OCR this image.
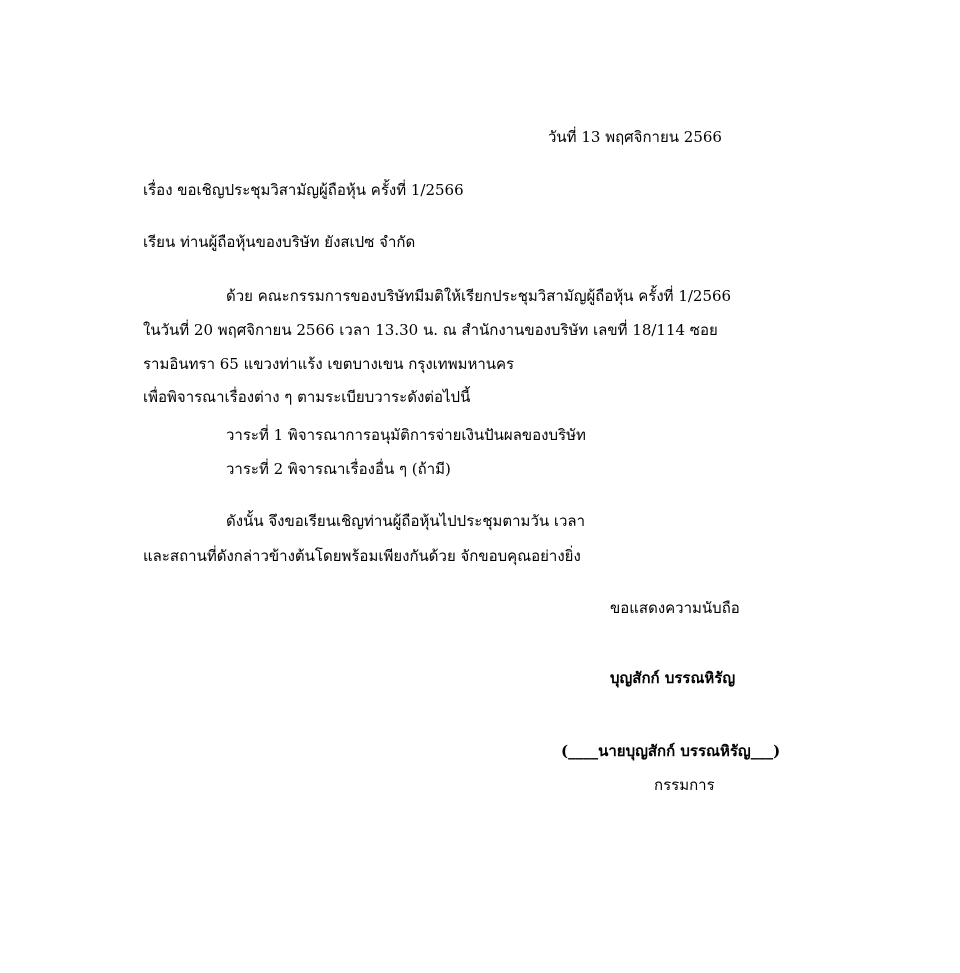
วันที่ 13 พฤศจิกายน 2566
เรื่อง ขอเชิญประชุมวิสามัญผู้ถือหุ้น ครั้งที่ 1/2566
เรียน ท่านผู้ถือหุ้นของบริษัท ยังสเปซ จำกัด
ด้วย คณะกรรมการของบริษัทมีมติให้เรียกประชุมวิสามัญผู้ถือหุ้น ครั้งที่ 1/2566
ในวันที่ 20 พฤศจิกายน 2566 เวลา 13.30 น. ณ สำนักงานของบริษัท เลขที่ 18/114 ซอย
รามอินทรา 65 แขวงท่าแร้ง เขตบางเขน กรุงเทพมหานคร
เพื่อพิจารณาเรื่องต่าง ๆ ตามระเบียบวาระดังต่อไปนี้
วาระที่ 1 พิจารณาการอนุมัติการจ่ายเงินปันผลของบริษัท
วาระที่ 2 พิจารณาเรื่องอื่น ๆ (ถ้ามี)
ดังนั้น จึงขอเรียนเชิญท่านผู้ถือหุ้นไปประชุมตามวัน เวลา
และสถานที่ดังกล่าวข้างต้นโดยพร้อมเพียงกันด้วย จักขอบคุณอย่างยิ่ง
ขอแสดงความนับถือ
บุญสักก์ บรรณหิรัญ
(____นายบุญสักก์ บรรณหิรัญ___)
กรรมการ
